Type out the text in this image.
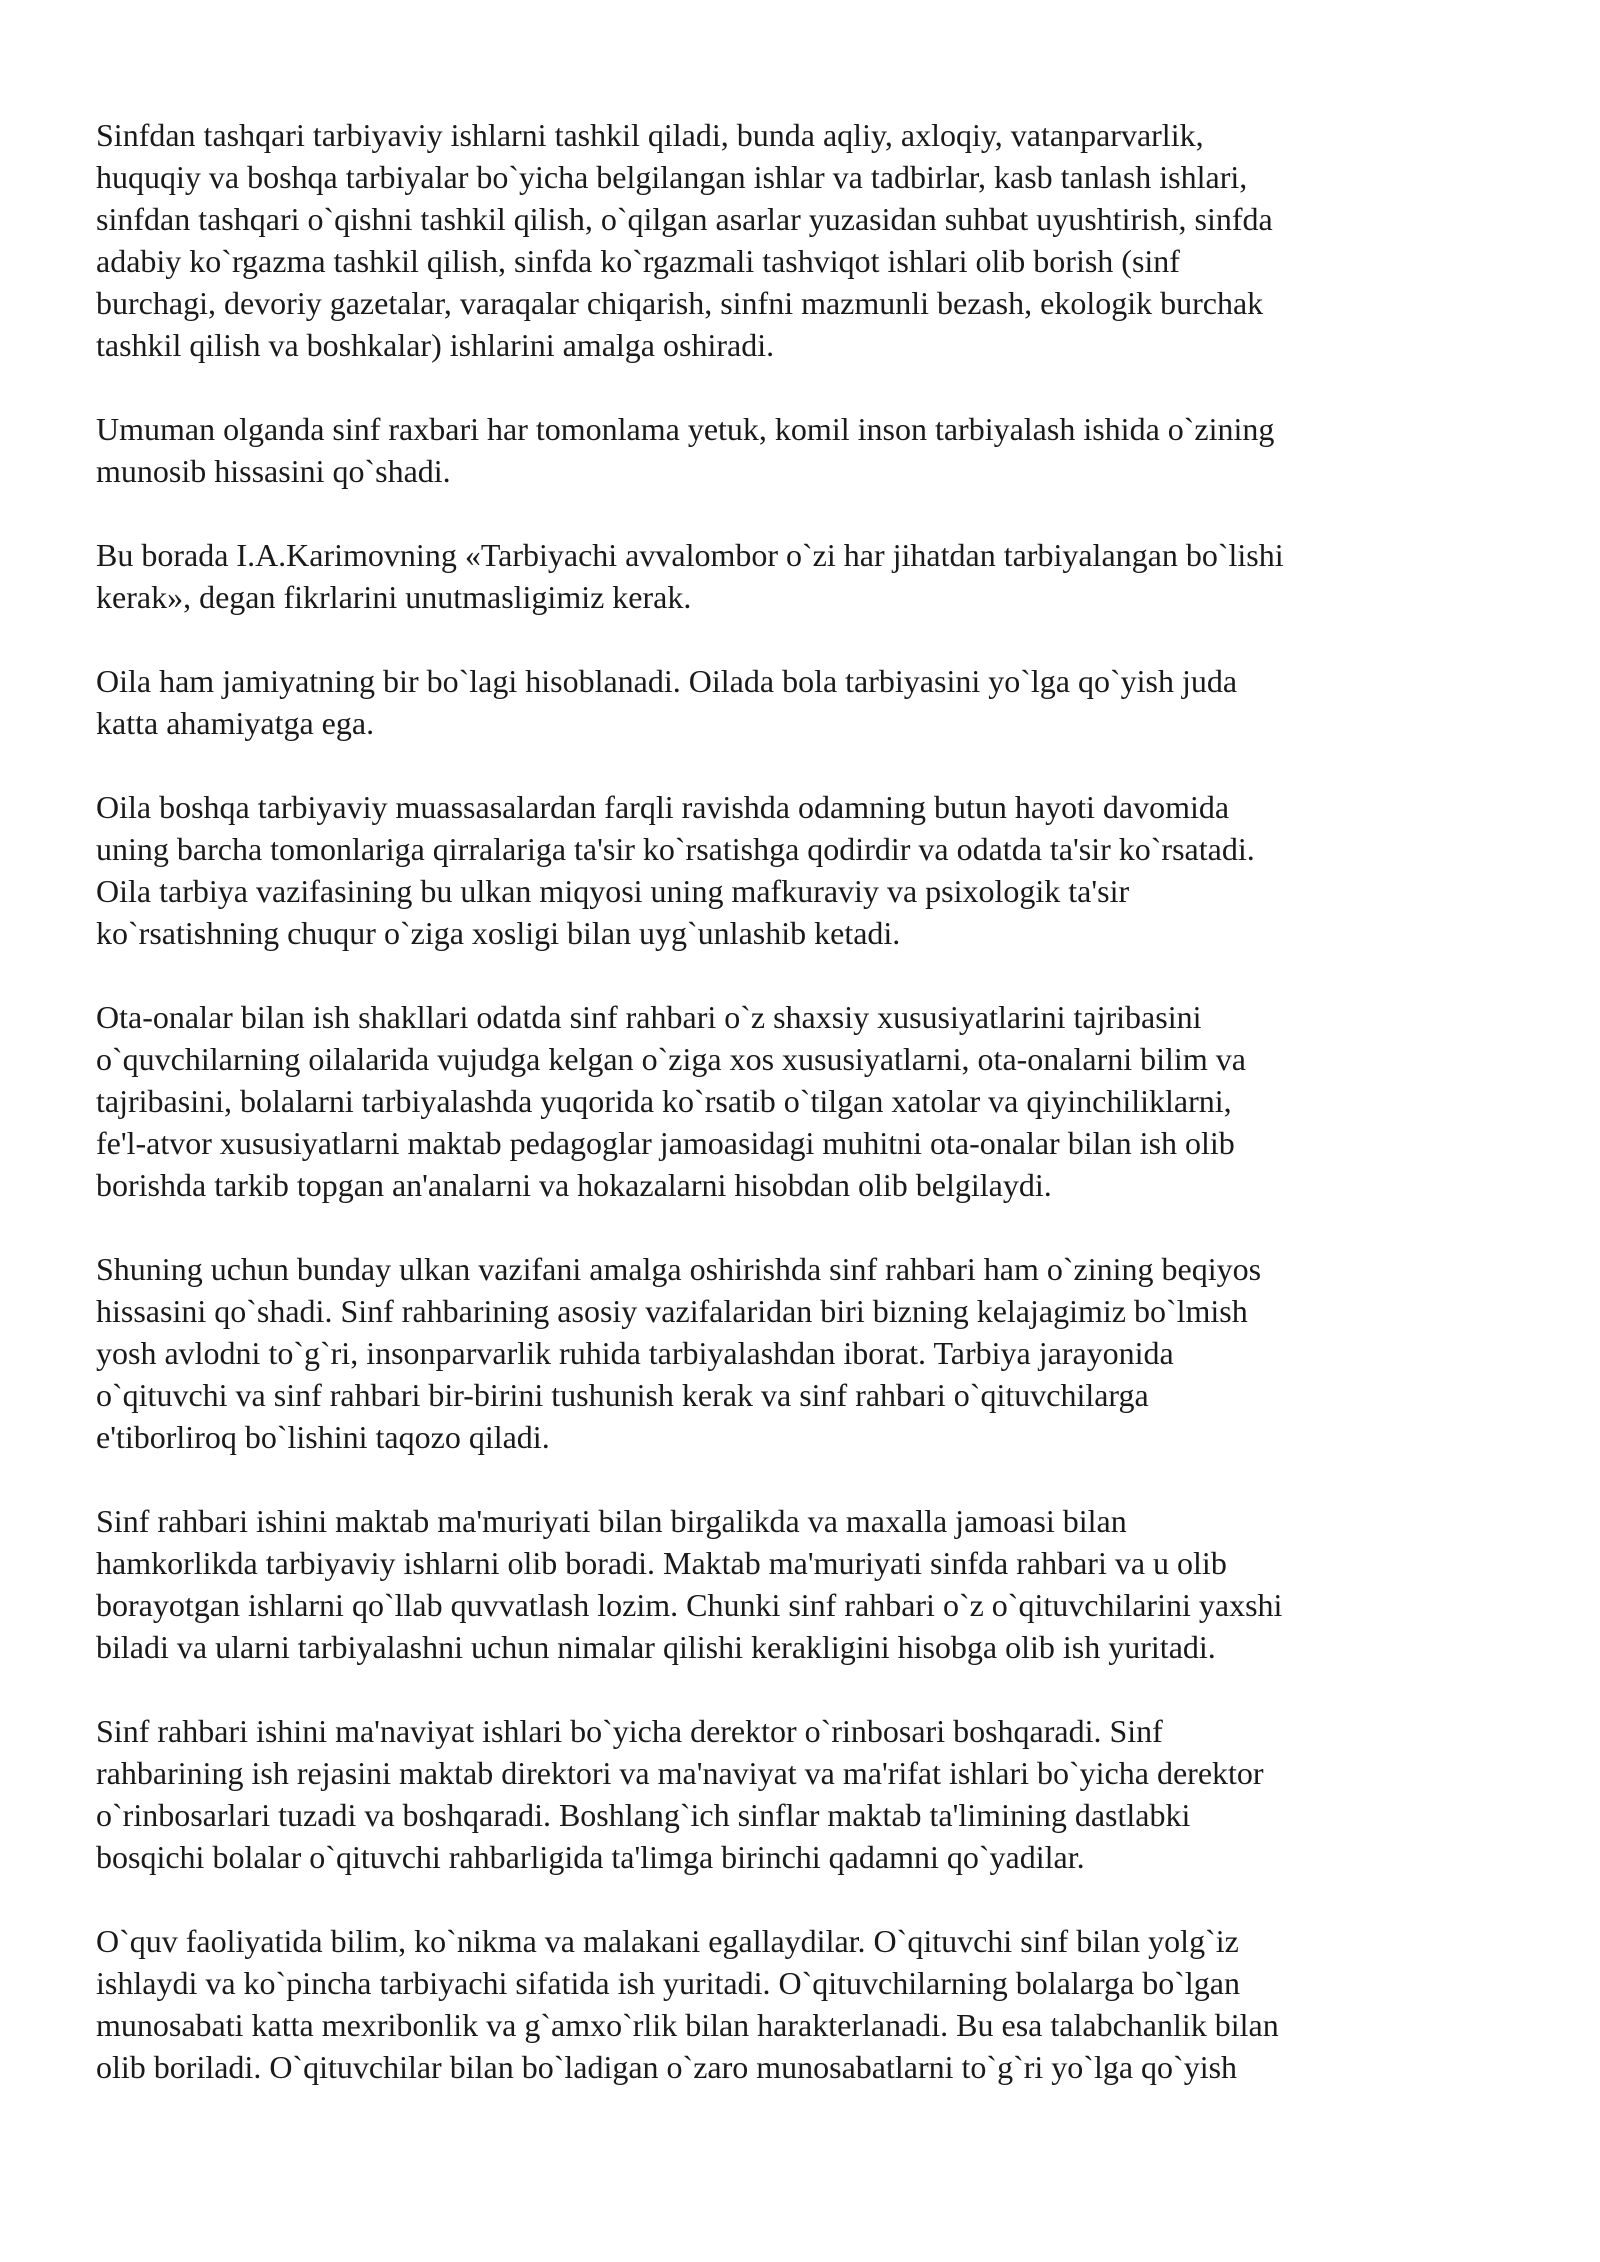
Sinfdan tashqari tarbiyaviy ishlarni tashkil qiladi, bunda aqliy, axloqiy, vatanparvarlik,
huquqiy va boshqa tarbiyalar bo`yicha belgilangan ishlar va tadbirlar, kasb tanlash ishlari,
sinfdan tashqari o`qishni tashkil qilish, o`qilgan asarlar yuzasidan suhbat uyushtirish, sinfda
adabiy ko`rgazma tashkil qilish, sinfda ko`rgazmali tashviqot ishlari olib borish (sinf
burchagi, devoriy gazetalar, varaqalar chiqarish, sinfni mazmunli bezash, ekologik burchak
tashkil qilish va boshkalar) ishlarini amalga oshiradi.

Umuman olganda sinf raxbari har tomonlama yetuk, komil inson tarbiyalash ishida o`zining
munosib hissasini qo`shadi.

Bu borada I.A.Karimovning «Tarbiyachi avvalombor o`zi har jihatdan tarbiyalangan bo`lishi
kerak», degan fikrlarini unutmasligimiz kerak.

Oila ham jamiyatning bir bo`lagi hisoblanadi. Oilada bola tarbiyasini yo`lga qo`yish juda
katta ahamiyatga ega.

Oila boshqa tarbiyaviy muassasalardan farqli ravishda odamning butun hayoti davomida
uning barcha tomonlariga qirralariga ta'sir ko`rsatishga qodirdir va odatda ta'sir ko`rsatadi.
Oila tarbiya vazifasining bu ulkan miqyosi uning mafkuraviy va psixologik ta'sir
ko`rsatishning chuqur o`ziga xosligi bilan uyg`unlashib ketadi.

Ota-onalar bilan ish shakllari odatda sinf rahbari o`z shaxsiy xususiyatlarini tajribasini
o`quvchilarning oilalarida vujudga kelgan o`ziga xos xususiyatlarni, ota-onalarni bilim va
tajribasini, bolalarni tarbiyalashda yuqorida ko`rsatib o`tilgan xatolar va qiyinchiliklarni,
fe'l-atvor xususiyatlarni maktab pedagoglar jamoasidagi muhitni ota-onalar bilan ish olib
borishda tarkib topgan an'analarni va hokazalarni hisobdan olib belgilaydi.

Shuning uchun bunday ulkan vazifani amalga oshirishda sinf rahbari ham o`zining beqiyos
hissasini qo`shadi. Sinf rahbarining asosiy vazifalaridan biri bizning kelajagimiz bo`lmish
yosh avlodni to`g`ri, insonparvarlik ruhida tarbiyalashdan iborat. Tarbiya jarayonida
o`qituvchi va sinf rahbari bir-birini tushunish kerak va sinf rahbari o`qituvchilarga
e'tiborliroq bo`lishini taqozo qiladi.

Sinf rahbari ishini maktab ma'muriyati bilan birgalikda va maxalla jamoasi bilan
hamkorlikda tarbiyaviy ishlarni olib boradi. Maktab ma'muriyati sinfda rahbari va u olib
borayotgan ishlarni qo`llab quvvatlash lozim. Chunki sinf rahbari o`z o`qituvchilarini yaxshi
biladi va ularni tarbiyalashni uchun nimalar qilishi kerakligini hisobga olib ish yuritadi.

Sinf rahbari ishini ma'naviyat ishlari bo`yicha derektor o`rinbosari boshqaradi. Sinf
rahbarining ish rejasini maktab direktori va ma'naviyat va ma'rifat ishlari bo`yicha derektor
o`rinbosarlari tuzadi va boshqaradi. Boshlang`ich sinflar maktab ta'limining dastlabki
bosqichi bolalar o`qituvchi rahbarligida ta'limga birinchi qadamni qo`yadilar.

O`quv faoliyatida bilim, ko`nikma va malakani egallaydilar. O`qituvchi sinf bilan yolg`iz
ishlaydi va ko`pincha tarbiyachi sifatida ish yuritadi. O`qituvchilarning bolalarga bo`lgan
munosabati katta mexribonlik va g`amxo`rlik bilan harakterlanadi. Bu esa talabchanlik bilan
olib boriladi. O`qituvchilar bilan bo`ladigan o`zaro munosabatlarni to`g`ri yo`lga qo`yish
